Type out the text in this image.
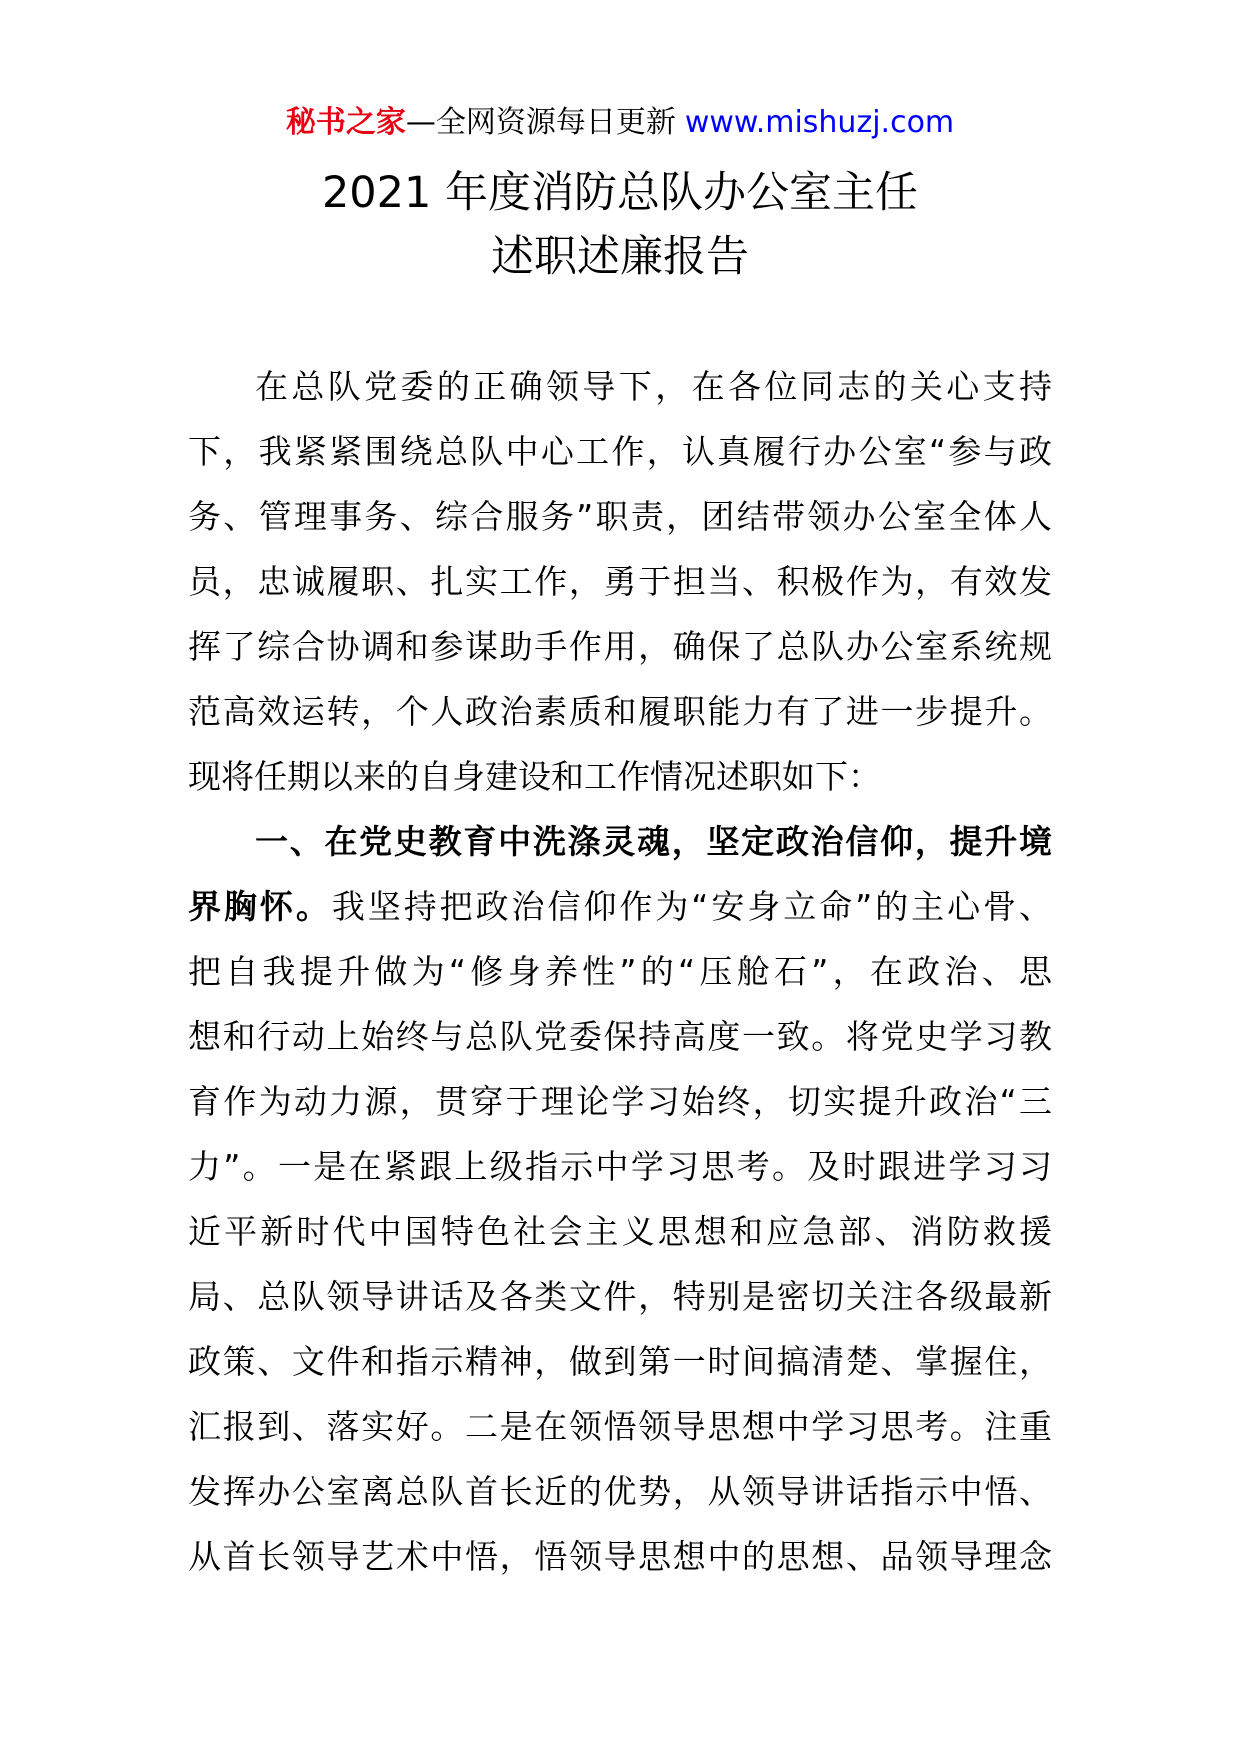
秘书之家—全网资源每日更新 www.mishuzj.com
2021 年度消防总队办公室主任
述职述廉报告
在总队党委的正确领导下，在各位同志的关心支持
下，我紧紧围绕总队中心工作，认真履行办公室“参与政
务、管理事务、综合服务”职责，团结带领办公室全体人
员，忠诚履职、扎实工作，勇于担当、积极作为，有效发
挥了综合协调和参谋助手作用，确保了总队办公室系统规
范高效运转，个人政治素质和履职能力有了进一步提升。
现将任期以来的自身建设和工作情况述职如下：
一、在党史教育中洗涤灵魂，坚定政治信仰，提升境
界胸怀。我坚持把政治信仰作为“安身立命”的主心骨、
把自我提升做为“修身养性”的“压舱石”，在政治、思
想和行动上始终与总队党委保持高度一致。将党史学习教
育作为动力源，贯穿于理论学习始终，切实提升政治“三
力”。一是在紧跟上级指示中学习思考。及时跟进学习习
近平新时代中国特色社会主义思想和应急部、消防救援
局、总队领导讲话及各类文件，特别是密切关注各级最新
政策、文件和指示精神，做到第一时间搞清楚、掌握住，
汇报到、落实好。二是在领悟领导思想中学习思考。注重
发挥办公室离总队首长近的优势，从领导讲话指示中悟、
从首长领导艺术中悟，悟领导思想中的思想、品领导理念
